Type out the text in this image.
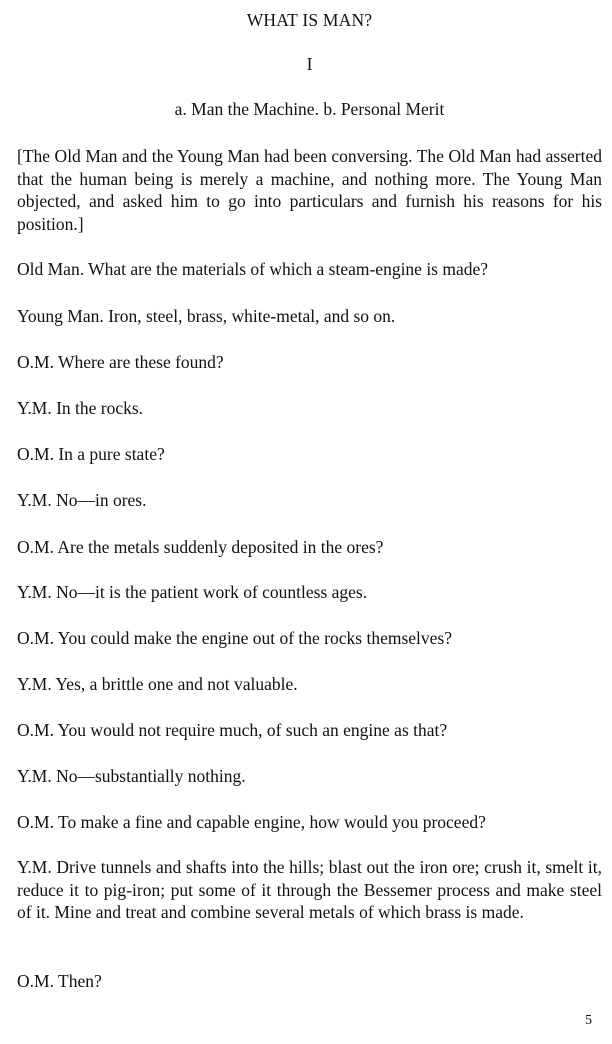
WHAT IS MAN?
I
a. Man the Machine. b. Personal Merit

[The Old Man and the Young Man had been conversing. The Old Man had asserted that the human being is merely a machine, and nothing more. The Young Man objected, and asked him to go into particulars and furnish his reasons for his position.]

Old Man. What are the materials of which a steam-engine is made?

Young Man. Iron, steel, brass, white-metal, and so on.

O.M. Where are these found?

Y.M. In the rocks.

O.M. In a pure state?

Y.M. No—in ores.

O.M. Are the metals suddenly deposited in the ores?

Y.M. No—it is the patient work of countless ages.

O.M. You could make the engine out of the rocks themselves?

Y.M. Yes, a brittle one and not valuable.

O.M. You would not require much, of such an engine as that?

Y.M. No—substantially nothing.

O.M. To make a fine and capable engine, how would you proceed?

Y.M. Drive tunnels and shafts into the hills; blast out the iron ore; crush it, smelt it, reduce it to pig-iron; put some of it through the Bessemer process and make steel of it. Mine and treat and combine several metals of which brass is made.

O.M. Then?

5
